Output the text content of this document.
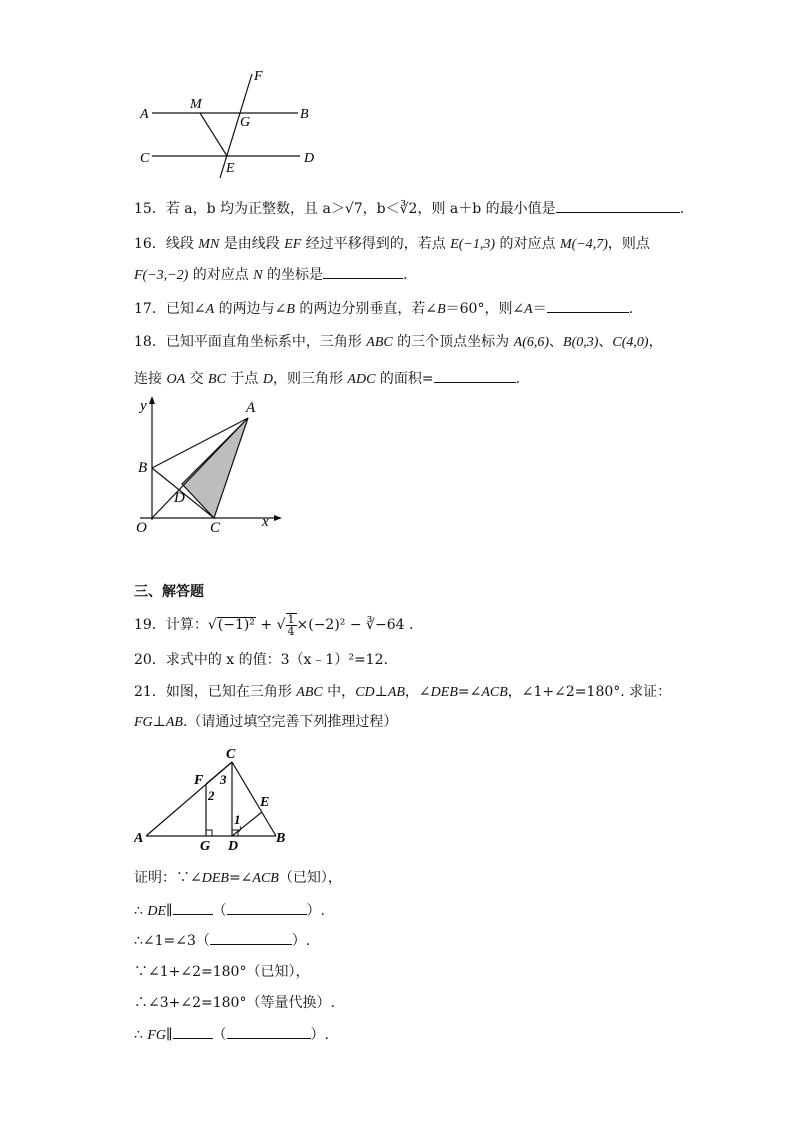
A
M
F
B
G
C
E
D
15．若 a，b 均为正整数，且 a＞√7，b＜∛2，则 a＋b 的最小值是	.
16．线段 MN 是由线段 EF 经过平移得到的，若点 E(−1,3) 的对应点 M(−4,7)，则点
F(−3,−2) 的对应点 N 的坐标是	.
17．已知∠A 的两边与∠B 的两边分别垂直，若∠B＝60°，则∠A＝	.
18．已知平面直角坐标系中，三角形 ABC 的三个顶点坐标为 A(6,6)、B(0,3)、C(4,0)，
连接 OA 交 BC 于点 D，则三角形 ADC 的面积=	.
y	A
B
D
O	C	x
三、解答题
19．计算：√(−1)² + √ $\frac{1}{4} \times(-2)^2$ − ∛−64 .
20．求式中的 x 的值：3（x﹣1）²=12.
21．如图，已知在三角形 ABC 中，CD⊥AB，∠DEB=∠ACB，∠1+∠2=180°. 求证：
FG⊥AB.（请通过填空完善下列推理过程）
C
F 3
2	E
1
A
G D
B
证明：∵∠DEB=∠ACB（已知），
∴ DE∥	（	）.
∴∠1=∠3（	）.
∵∠1+∠2=180°（已知），
∴∠3+∠2=180°（等量代换）.
∴ FG∥	（	）.
